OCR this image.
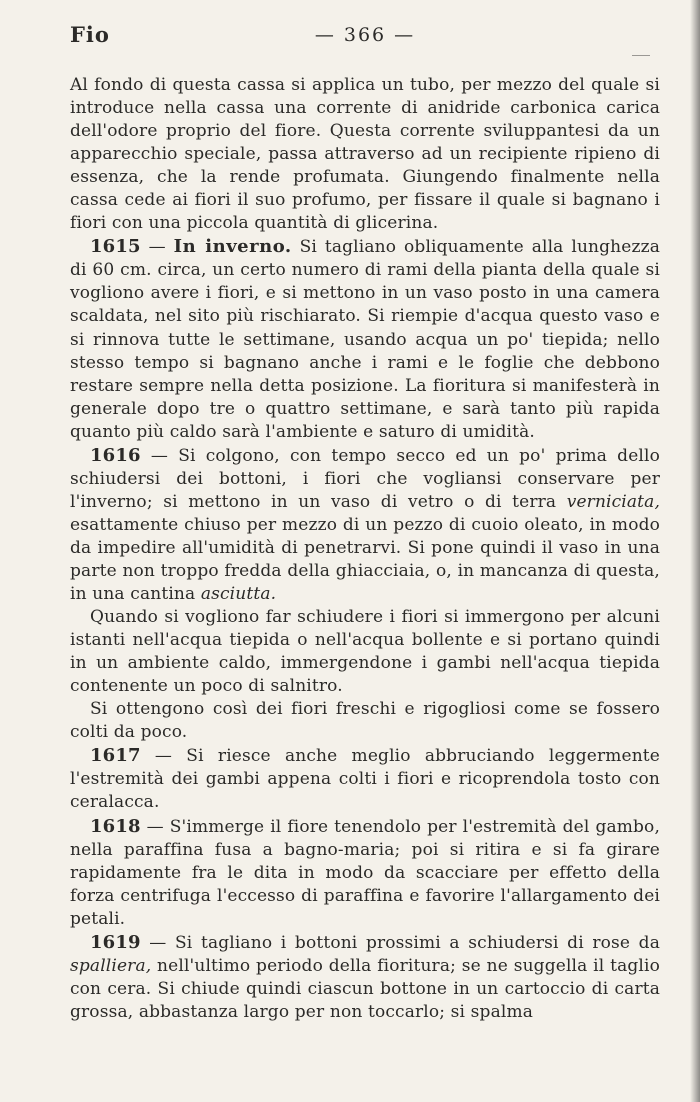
Fio	— 366 —

Al fondo di questa cassa si applica un tubo, per mezzo del quale si introduce nella cassa una corrente di anidride carbonica carica dell'odore proprio del fiore. Questa corrente sviluppantesi da un apparecchio speciale, passa attraverso ad un recipiente ripieno di essenza, che la rende profumata. Giungendo finalmente nella cassa cede ai fiori il suo profumo, per fissare il quale si bagnano i fiori con una piccola quantità di glicerina.

1615 — In inverno. Si tagliano obliquamente alla lunghezza di 60 cm. circa, un certo numero di rami della pianta della quale si vogliono avere i fiori, e si mettono in un vaso posto in una camera scaldata, nel sito più rischiarato. Si riempie d'acqua questo vaso e si rinnova tutte le settimane, usando acqua un po' tiepida; nello stesso tempo si bagnano anche i rami e le foglie che debbono restare sempre nella detta posizione. La fioritura si manifesterà in generale dopo tre o quattro settimane, e sarà tanto più rapida quanto più caldo sarà l'ambiente e saturo di umidità.

1616 — Si colgono, con tempo secco ed un po' prima dello schiudersi dei bottoni, i fiori che vogliansi conservare per l'inverno; si mettono in un vaso di vetro o di terra verniciata, esattamente chiuso per mezzo di un pezzo di cuoio oleato, in modo da impedire all'umidità di penetrarvi. Si pone quindi il vaso in una parte non troppo fredda della ghiacciaia, o, in mancanza di questa, in una cantina asciutta.

Quando si vogliono far schiudere i fiori si immergono per alcuni istanti nell'acqua tiepida o nell'acqua bollente e si portano quindi in un ambiente caldo, immergendone i gambi nell'acqua tiepida contenente un poco di salnitro.

Si ottengono così dei fiori freschi e rigogliosi come se fossero colti da poco.

1617 — Si riesce anche meglio abbruciando leggermente l'estremità dei gambi appena colti i fiori e ricoprendola tosto con ceralacca.

1618 — S'immerge il fiore tenendolo per l'estremità del gambo, nella paraffina fusa a bagno-maria; poi si ritira e si fa girare rapidamente fra le dita in modo da scacciare per effetto della forza centrifuga l'eccesso di paraffina e favorire l'allargamento dei petali.

1619 — Si tagliano i bottoni prossimi a schiudersi di rose da spalliera, nell'ultimo periodo della fioritura; se ne suggella il taglio con cera. Si chiude quindi ciascun bottone in un cartoccio di carta grossa, abbastanza largo per non toccarlo; si spalma
